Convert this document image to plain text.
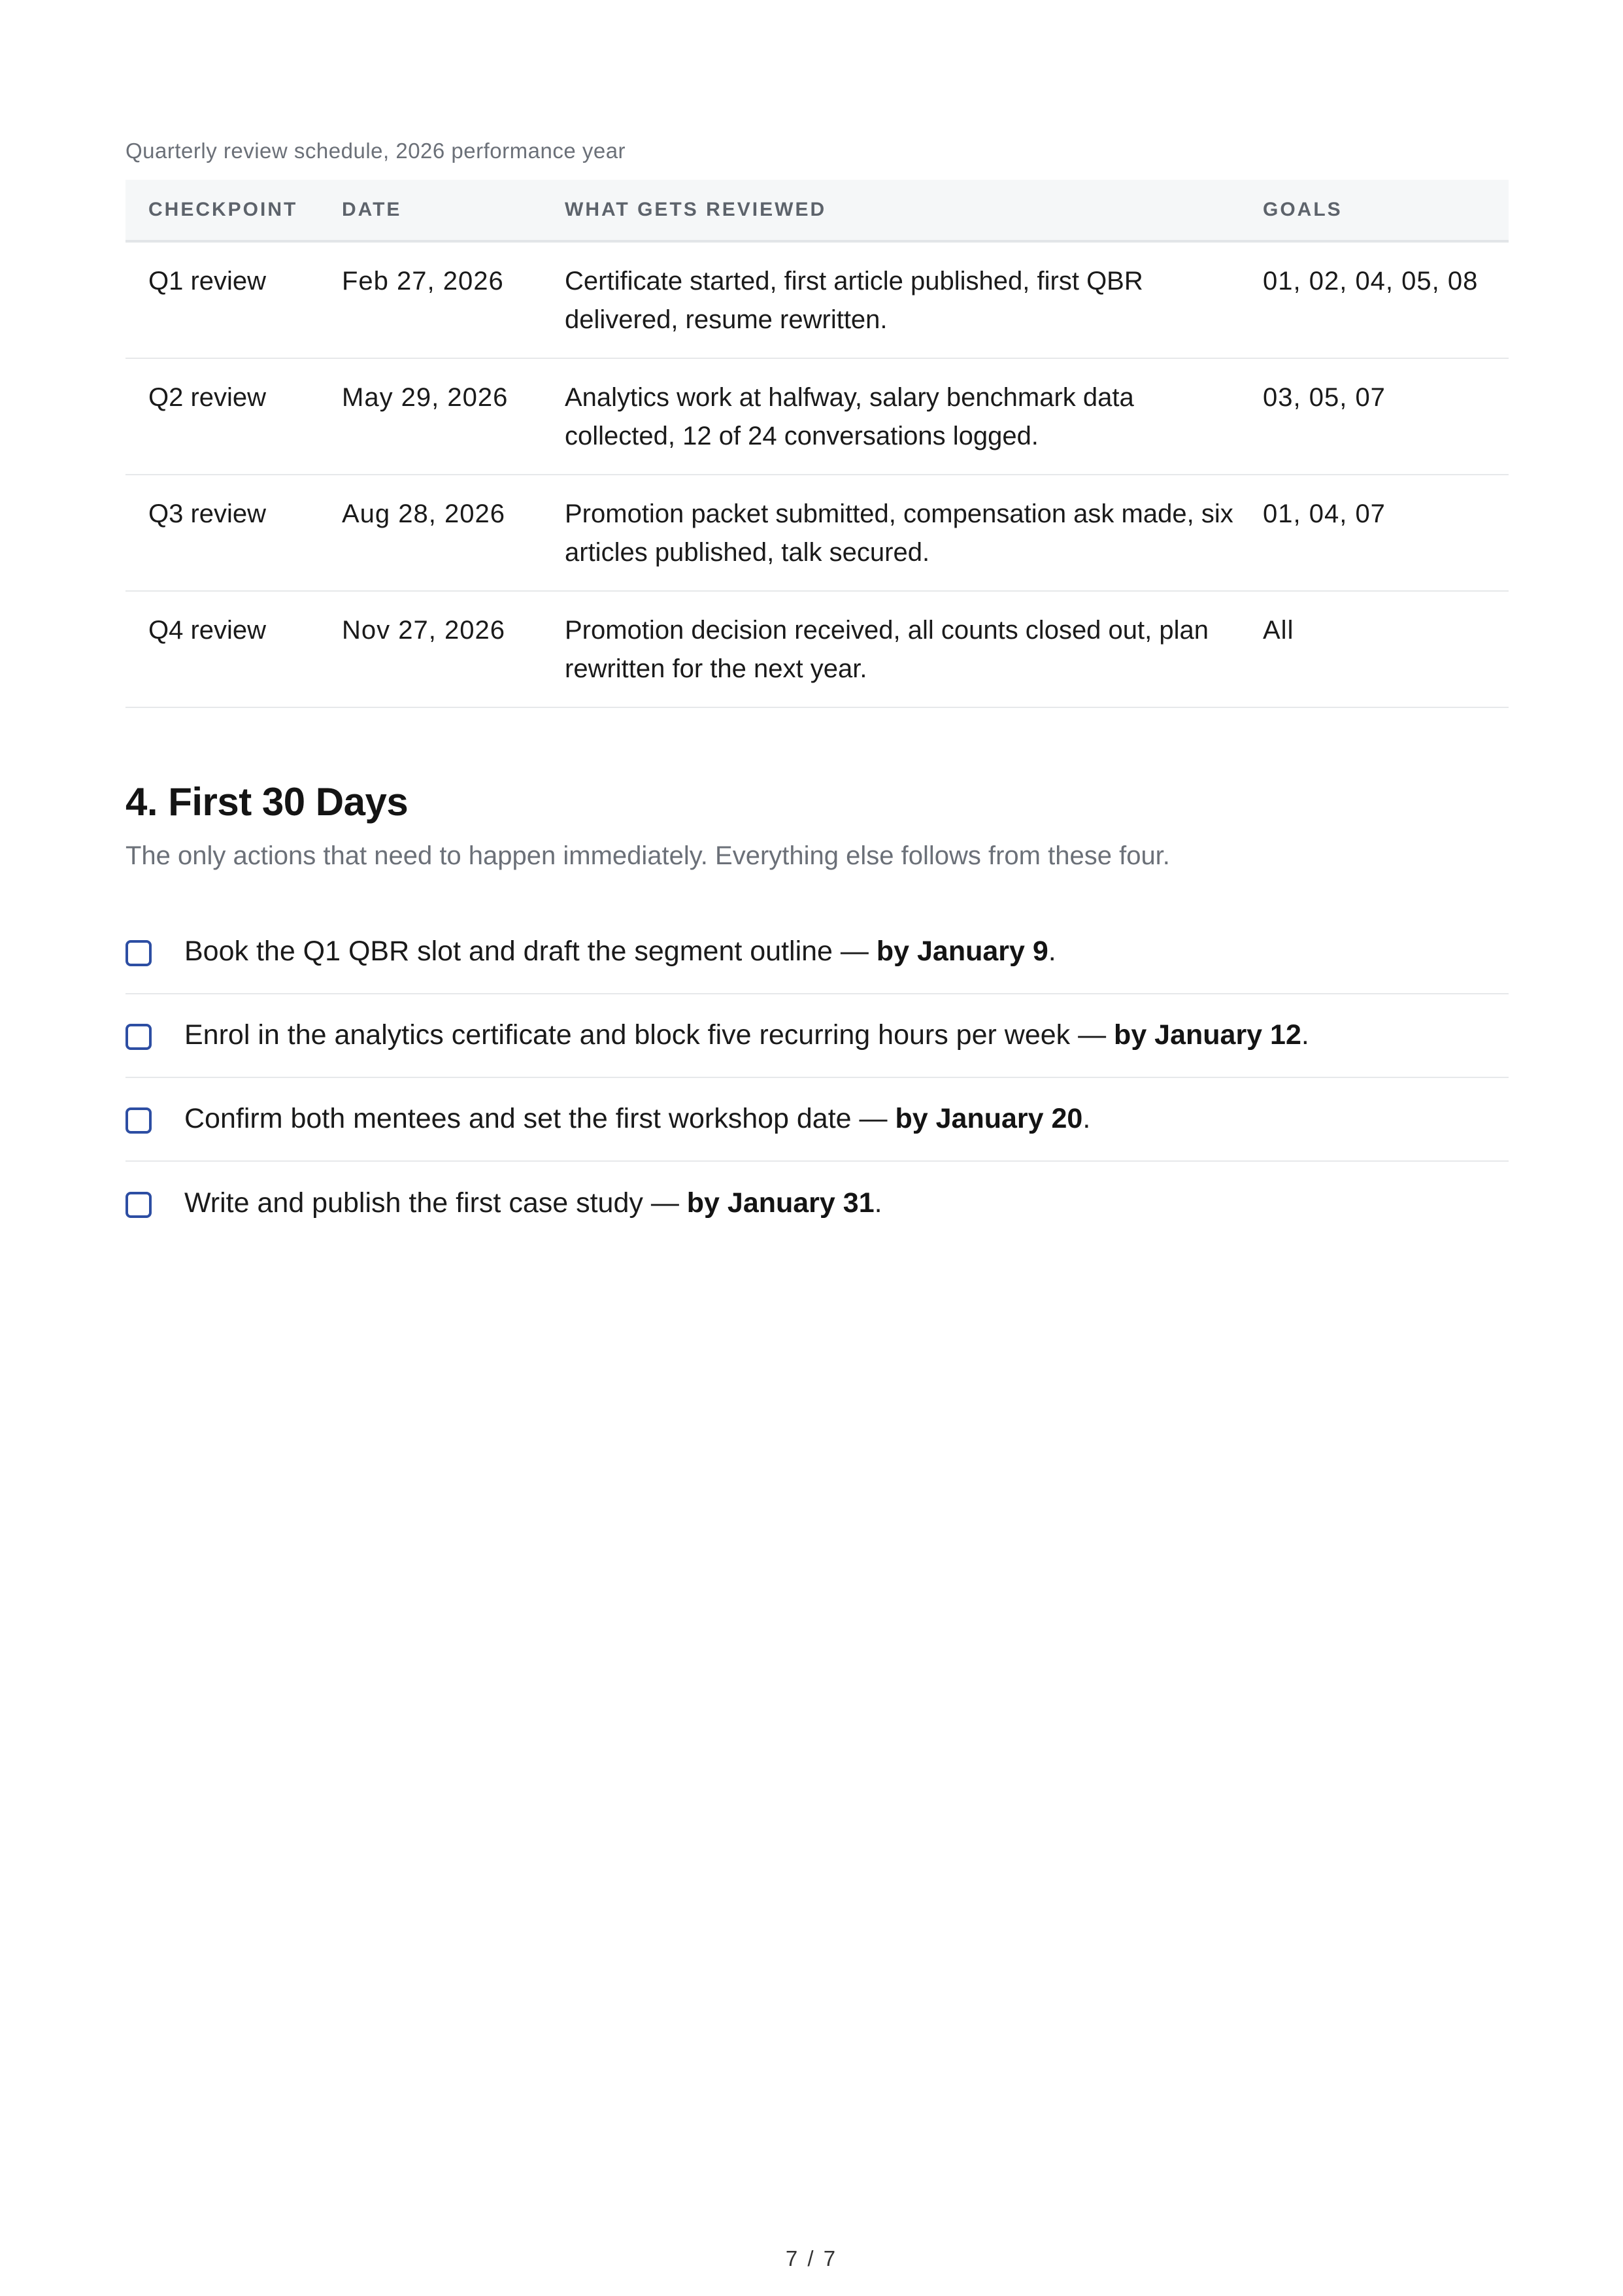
Quarterly review schedule, 2026 performance year
CHECKPOINT	DATE	WHAT GETS REVIEWED	GOALS
Q1 review	Feb 27, 2026	Certificate started, first article published, first QBR delivered, resume rewritten.	01, 02, 04, 05, 08
Q2 review	May 29, 2026	Analytics work at halfway, salary benchmark data collected, 12 of 24 conversations logged.	03, 05, 07
Q3 review	Aug 28, 2026	Promotion packet submitted, compensation ask made, six articles published, talk secured.	01, 04, 07
Q4 review	Nov 27, 2026	Promotion decision received, all counts closed out, plan rewritten for the next year.	All
4. First 30 Days
The only actions that need to happen immediately. Everything else follows from these four.
Book the Q1 QBR slot and draft the segment outline — by January 9.
Enrol in the analytics certificate and block five recurring hours per week — by January 12.
Confirm both mentees and set the first workshop date — by January 20.
Write and publish the first case study — by January 31.
7 / 7
